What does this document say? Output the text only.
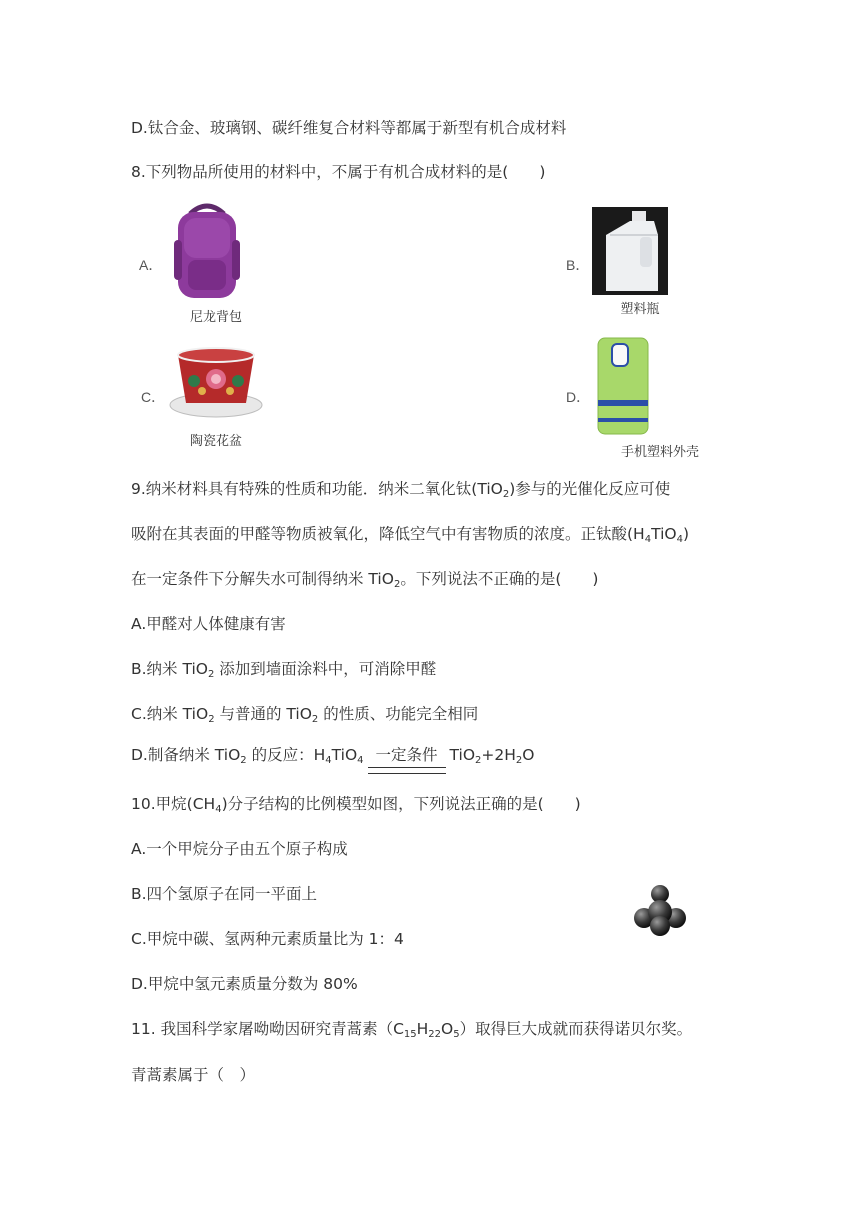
D.钛合金、玻璃钢、碳纤维复合材料等都属于新型有机合成材料
8.下列物品所使用的材料中，不属于有机合成材料的是(　　)
A．
尼龙背包
B．
塑料瓶
C．
陶瓷花盆
D．
手机塑料外壳
9.纳米材料具有特殊的性质和功能．纳米二氧化钛(TiO$_2$)参与的光催化反应可使
吸附在其表面的甲醛等物质被氧化，降低空气中有害物质的浓度。正钛酸$(H_4TiO_4)$
在一定条件下分解失水可制得纳米 TiO$_2$。下列说法不正确的是(　　)
A.甲醛对人体健康有害
B.纳米 TiO$_2$ 添加到墙面涂料中，可消除甲醛
C.纳米 TiO$_2$ 与普通的 TiO$_2$ 的性质、功能完全相同
D.制备纳米 TiO$_2$ 的反应：$H_4TiO_4$ 一定条件 $TiO_2+2H_2O$
10.甲烷$(CH_4)$分子结构的比例模型如图，下列说法正确的是(　　)
A.一个甲烷分子由五个原子构成
B.四个氢原子在同一平面上
C.甲烷中碳、氢两种元素质量比为 1：4
D.甲烷中氢元素质量分数为 80%
11. 我国科学家屠呦呦因研究青蒿素$(C_{15}H_{22}O_5)$取得巨大成就而获得诺贝尔奖。
青蒿素属于（　）
